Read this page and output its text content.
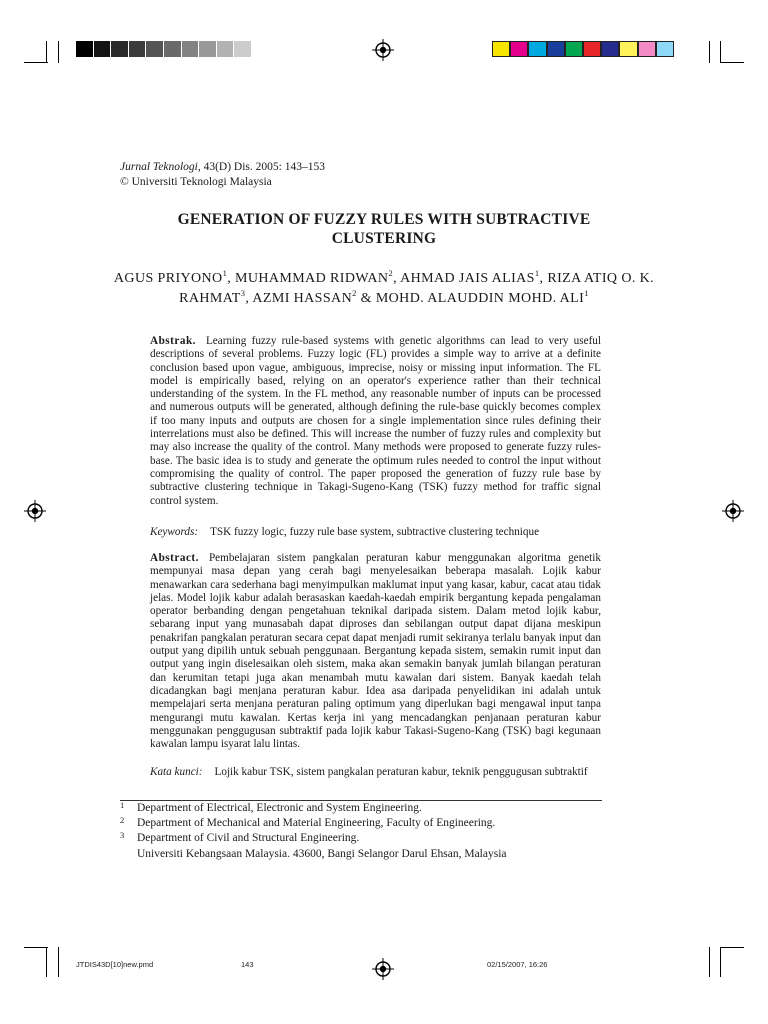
Jurnal Teknologi, 43(D) Dis. 2005: 143–153
© Universiti Teknologi Malaysia
GENERATION OF FUZZY RULES WITH SUBTRACTIVE
CLUSTERING
AGUS PRIYONO$^1$, MUHAMMAD RIDWAN$^2$, AHMAD JAIS ALIAS$^1$, RIZA ATIQ O. K. RAHMAT$^3$, AZMI HASSAN$^2$ & MOHD. ALAUDDIN MOHD. ALI$^1$
Abstrak. Learning fuzzy rule-based systems with genetic algorithms can lead to very useful descriptions of several problems. Fuzzy logic (FL) provides a simple way to arrive at a definite conclusion based upon vague, ambiguous, imprecise, noisy or missing input information. The FL model is empirically based, relying on an operator's experience rather than their technical understanding of the system. In the FL method, any reasonable number of inputs can be processed and numerous outputs will be generated, although defining the rule-base quickly becomes complex if too many inputs and outputs are chosen for a single implementation since rules defining their interrelations must also be defined. This will increase the number of fuzzy rules and complexity but may also increase the quality of the control. Many methods were proposed to generate fuzzy rules-base. The basic idea is to study and generate the optimum rules needed to control the input without compromising the quality of control. The paper proposed the generation of fuzzy rule base by subtractive clustering technique in Takagi-Sugeno-Kang (TSK) fuzzy method for traffic signal control system.
Keywords: TSK fuzzy logic, fuzzy rule base system, subtractive clustering technique
Abstract. Pembelajaran sistem pangkalan peraturan kabur menggunakan algoritma genetik mempunyai masa depan yang cerah bagi menyelesaikan beberapa masalah. Lojik kabur menawarkan cara sederhana bagi menyimpulkan maklumat input yang kasar, kabur, cacat atau tidak jelas. Model lojik kabur adalah berasaskan kaedah-kaedah empirik bergantung kepada pengalaman operator berbanding dengan pengetahuan teknikal daripada sistem. Dalam metod lojik kabur, sebarang input yang munasabah dapat diproses dan sebilangan output dapat dijana meskipun penakrifan pangkalan peraturan secara cepat dapat menjadi rumit sekiranya terlalu banyak input dan output yang dipilih untuk sebuah penggunaan. Bergantung kepada sistem, semakin rumit input dan output yang ingin diselesaikan oleh sistem, maka akan semakin banyak jumlah bilangan peraturan dan kerumitan tetapi juga akan menambah mutu kawalan dari sistem. Banyak kaedah telah dicadangkan bagi menjana peraturan kabur. Idea asa daripada penyelidikan ini adalah untuk mempelajari serta menjana peraturan paling optimum yang diperlukan bagi mengawal input tanpa mengurangi mutu kawalan. Kertas kerja ini yang mencadangkan penjanaan peraturan kabur menggunakan penggugusan subtraktif pada lojik kabur Takasi-Sugeno-Kang (TSK) bagi kegunaan kawalan lampu isyarat lalu lintas.
Kata kunci: Lojik kabur TSK, sistem pangkalan peraturan kabur, teknik penggugusan subtraktif
1 Department of Electrical, Electronic and System Engineering.
2 Department of Mechanical and Material Engineering, Faculty of Engineering.
3 Department of Civil and Structural Engineering.
Universiti Kebangsaan Malaysia. 43600, Bangi Selangor Darul Ehsan, Malaysia
JTDIS43D[10]new.pmd	143	02/15/2007, 16:26
